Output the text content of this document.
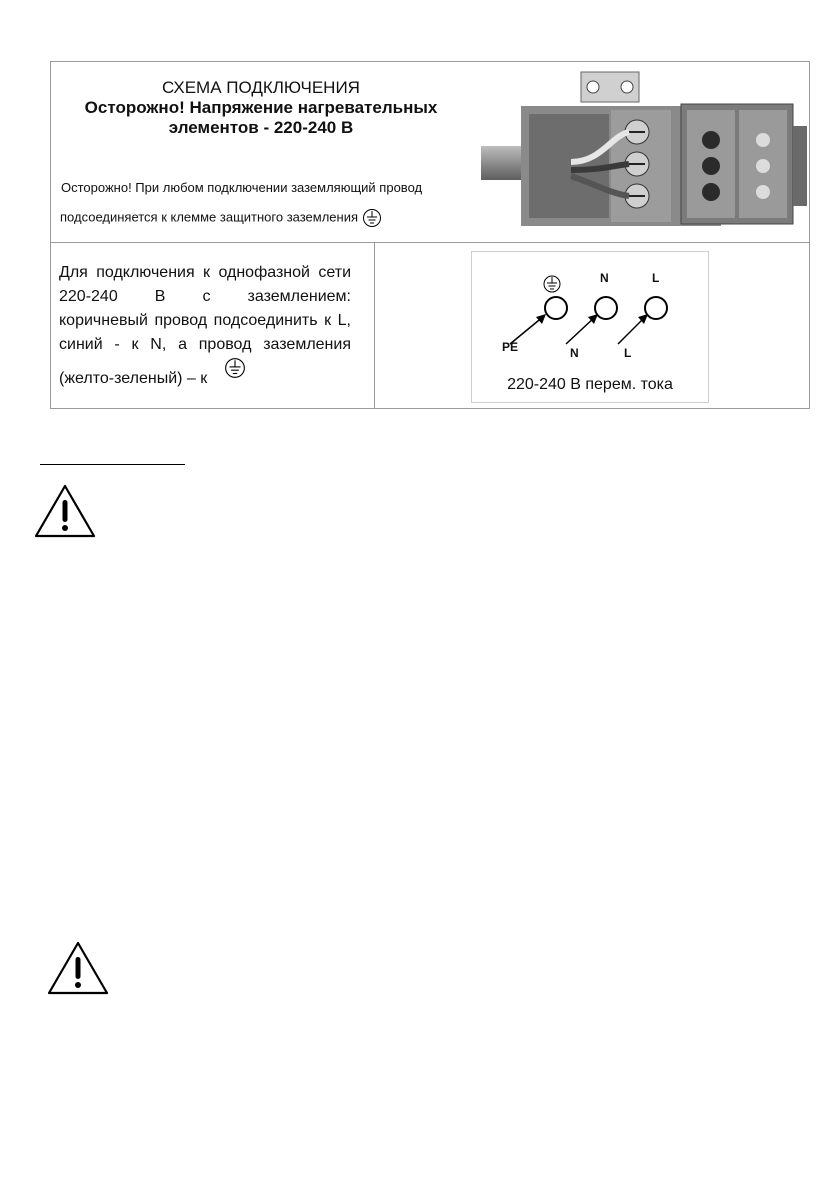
СХЕМА ПОДКЛЮЧЕНИЯ
Осторожно! Напряжение нагревательных
элементов - 220-240 В
Осторожно! При любом подключении заземляющий провод
подсоединяется к клемме защитного заземления
Для подключения к однофазной сети
220-240 В с заземлением:
коричневый провод подсоединить к L,
синий - к N, а провод заземления
(желто-зеленый) – к
N	L
PE	N	L
220-240 В перем. тока
